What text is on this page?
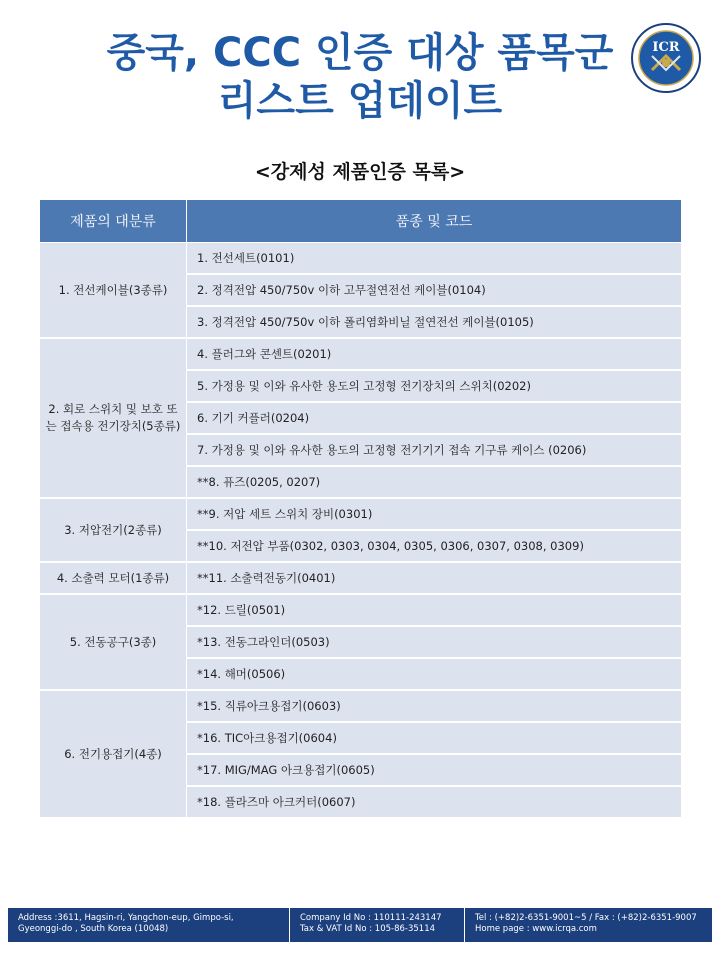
중국, CCC 인증 대상 품목군
리스트 업데이트
ICR
<강제성 제품인증 목록>
제품의 대분류	품종 및 코드
1. 전선케이블(3종류)	1. 전선세트(0101)
	2. 정격전압 450/750v 이하 고무절연전선 케이블(0104)
	3. 정격전압 450/750v 이하 폴리염화비닐 절연전선 케이블(0105)
2. 회로 스위치 및 보호 또는 접속용 전기장치(5종류)	4. 플러그와 콘센트(0201)
	5. 가정용 및 이와 유사한 용도의 고정형 전기장치의 스위치(0202)
	6. 기기 커플러(0204)
	7. 가정용 및 이와 유사한 용도의 고정형 전기기기 접속 기구류 케이스 (0206)
	**8. 퓨즈(0205, 0207)
3. 저압전기(2종류)	**9. 저압 세트 스위치 장비(0301)
	**10. 저전압 부품(0302, 0303, 0304, 0305, 0306, 0307, 0308, 0309)
4. 소출력 모터(1종류)	**11. 소출력전동기(0401)
5. 전동공구(3종)	*12. 드릴(0501)
	*13. 전동그라인더(0503)
	*14. 해머(0506)
6. 전기용접기(4종)	*15. 직류아크용접기(0603)
	*16. TIC아크용접기(0604)
	*17. MIG/MAG 아크용접기(0605)
	*18. 플라즈마 아크커터(0607)
Address :3611, Hagsin-ri, Yangchon-eup, Gimpo-si,
Gyeonggi-do , South Korea (10048)
Company Id No : 110111-243147
Tax & VAT Id No : 105-86-35114
Tel : (+82)2-6351-9001~5 / Fax : (+82)2-6351-9007
Home page : www.icrqa.com
